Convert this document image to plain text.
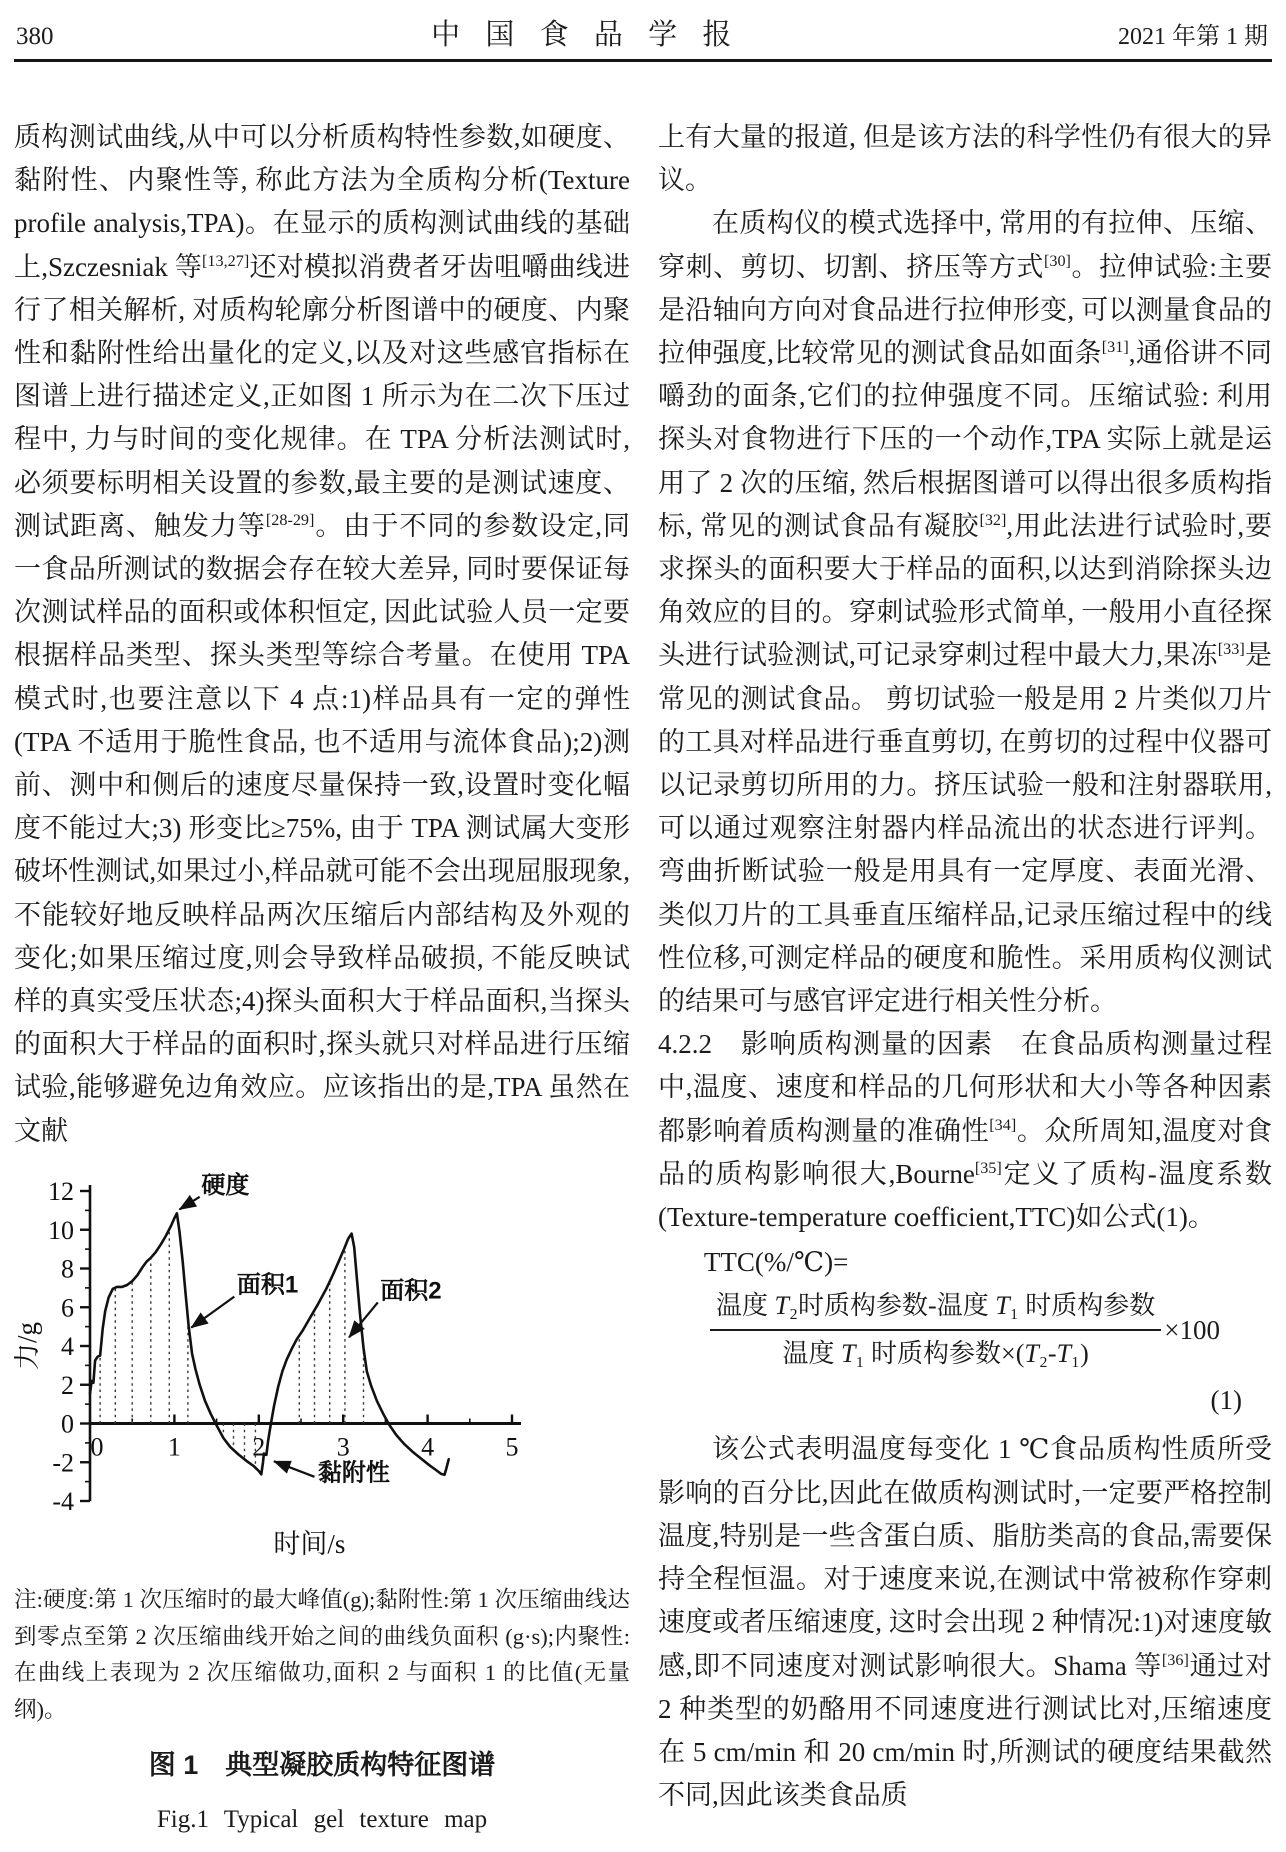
380	中 国 食 品 学 报	2021 年第 1 期

质构测试曲线,从中可以分析质构特性参数,如硬度、黏附性、内聚性等, 称此方法为全质构分析(Texture profile analysis,TPA)。在显示的质构测试曲线的基础上,Szczesniak 等[13,27]还对模拟消费者牙齿咀嚼曲线进行了相关解析, 对质构轮廓分析图谱中的硬度、内聚性和黏附性给出量化的定义,以及对这些感官指标在图谱上进行描述定义,正如图 1 所示为在二次下压过程中, 力与时间的变化规律。在 TPA 分析法测试时,必须要标明相关设置的参数,最主要的是测试速度、测试距离、触发力等[28-29]。由于不同的参数设定,同一食品所测试的数据会存在较大差异, 同时要保证每次测试样品的面积或体积恒定, 因此试验人员一定要根据样品类型、探头类型等综合考量。在使用 TPA 模式时,也要注意以下 4 点:1)样品具有一定的弹性 (TPA 不适用于脆性食品, 也不适用与流体食品);2)测前、测中和侧后的速度尽量保持一致,设置时变化幅度不能过大;3) 形变比≥75%, 由于 TPA 测试属大变形破坏性测试,如果过小,样品就可能不会出现屈服现象, 不能较好地反映样品两次压缩后内部结构及外观的变化;如果压缩过度,则会导致样品破损, 不能反映试样的真实受压状态;4)探头面积大于样品面积,当探头的面积大于样品的面积时,探头就只对样品进行压缩试验,能够避免边角效应。应该指出的是,TPA 虽然在文献

-4
-2
0
2
4
6
8
10
12
0 1	2	3	4	5
硬度
面积1	面积2
黏附性
时间/s
力/g

注:硬度:第 1 次压缩时的最大峰值(g);黏附性:第 1 次压缩曲线达到零点至第 2 次压缩曲线开始之间的曲线负面积 (g·s);内聚性:在曲线上表现为 2 次压缩做功,面积 2 与面积 1 的比值(无量纲)。

图 1　典型凝胶质构特征图谱

Fig.1 Typical gel texture map

上有大量的报道, 但是该方法的科学性仍有很大的异议。

在质构仪的模式选择中, 常用的有拉伸、压缩、穿刺、剪切、切割、挤压等方式[30]。拉伸试验:主要是沿轴向方向对食品进行拉伸形变, 可以测量食品的拉伸强度,比较常见的测试食品如面条[31],通俗讲不同嚼劲的面条,它们的拉伸强度不同。压缩试验: 利用探头对食物进行下压的一个动作,TPA 实际上就是运用了 2 次的压缩, 然后根据图谱可以得出很多质构指标, 常见的测试食品有凝胶[32],用此法进行试验时,要求探头的面积要大于样品的面积,以达到消除探头边角效应的目的。穿刺试验形式简单, 一般用小直径探头进行试验测试,可记录穿刺过程中最大力,果冻[33]是常见的测试食品。 剪切试验一般是用 2 片类似刀片的工具对样品进行垂直剪切, 在剪切的过程中仪器可以记录剪切所用的力。挤压试验一般和注射器联用,可以通过观察注射器内样品流出的状态进行评判。弯曲折断试验一般是用具有一定厚度、表面光滑、类似刀片的工具垂直压缩样品,记录压缩过程中的线性位移,可测定样品的硬度和脆性。采用质构仪测试的结果可与感官评定进行相关性分析。

4.2.2　影响质构测量的因素　在食品质构测量过程中,温度、速度和样品的几何形状和大小等各种因素都影响着质构测量的准确性[34]。众所周知,温度对食品的质构影响很大,Bourne[35]定义了质构-温度系数(Texture-temperature coefficient,TTC)如公式(1)。

TTC(%/℃)=

$\frac{\text{温度 T₂时质构参数-温度 T₁ 时质构参数}}{\text{温度 T₁ 时质构参数×(T₂-T₁)}} \times 100$

(1)

该公式表明温度每变化 1 ℃食品质构性质所受影响的百分比,因此在做质构测试时,一定要严格控制温度,特别是一些含蛋白质、脂肪类高的食品,需要保持全程恒温。对于速度来说,在测试中常被称作穿刺速度或者压缩速度, 这时会出现 2 种情况:1)对速度敏感,即不同速度对测试影响很大。Shama 等[36]通过对 2 种类型的奶酪用不同速度进行测试比对,压缩速度在 5 cm/min 和 20 cm/min 时,所测试的硬度结果截然不同,因此该类食品质
